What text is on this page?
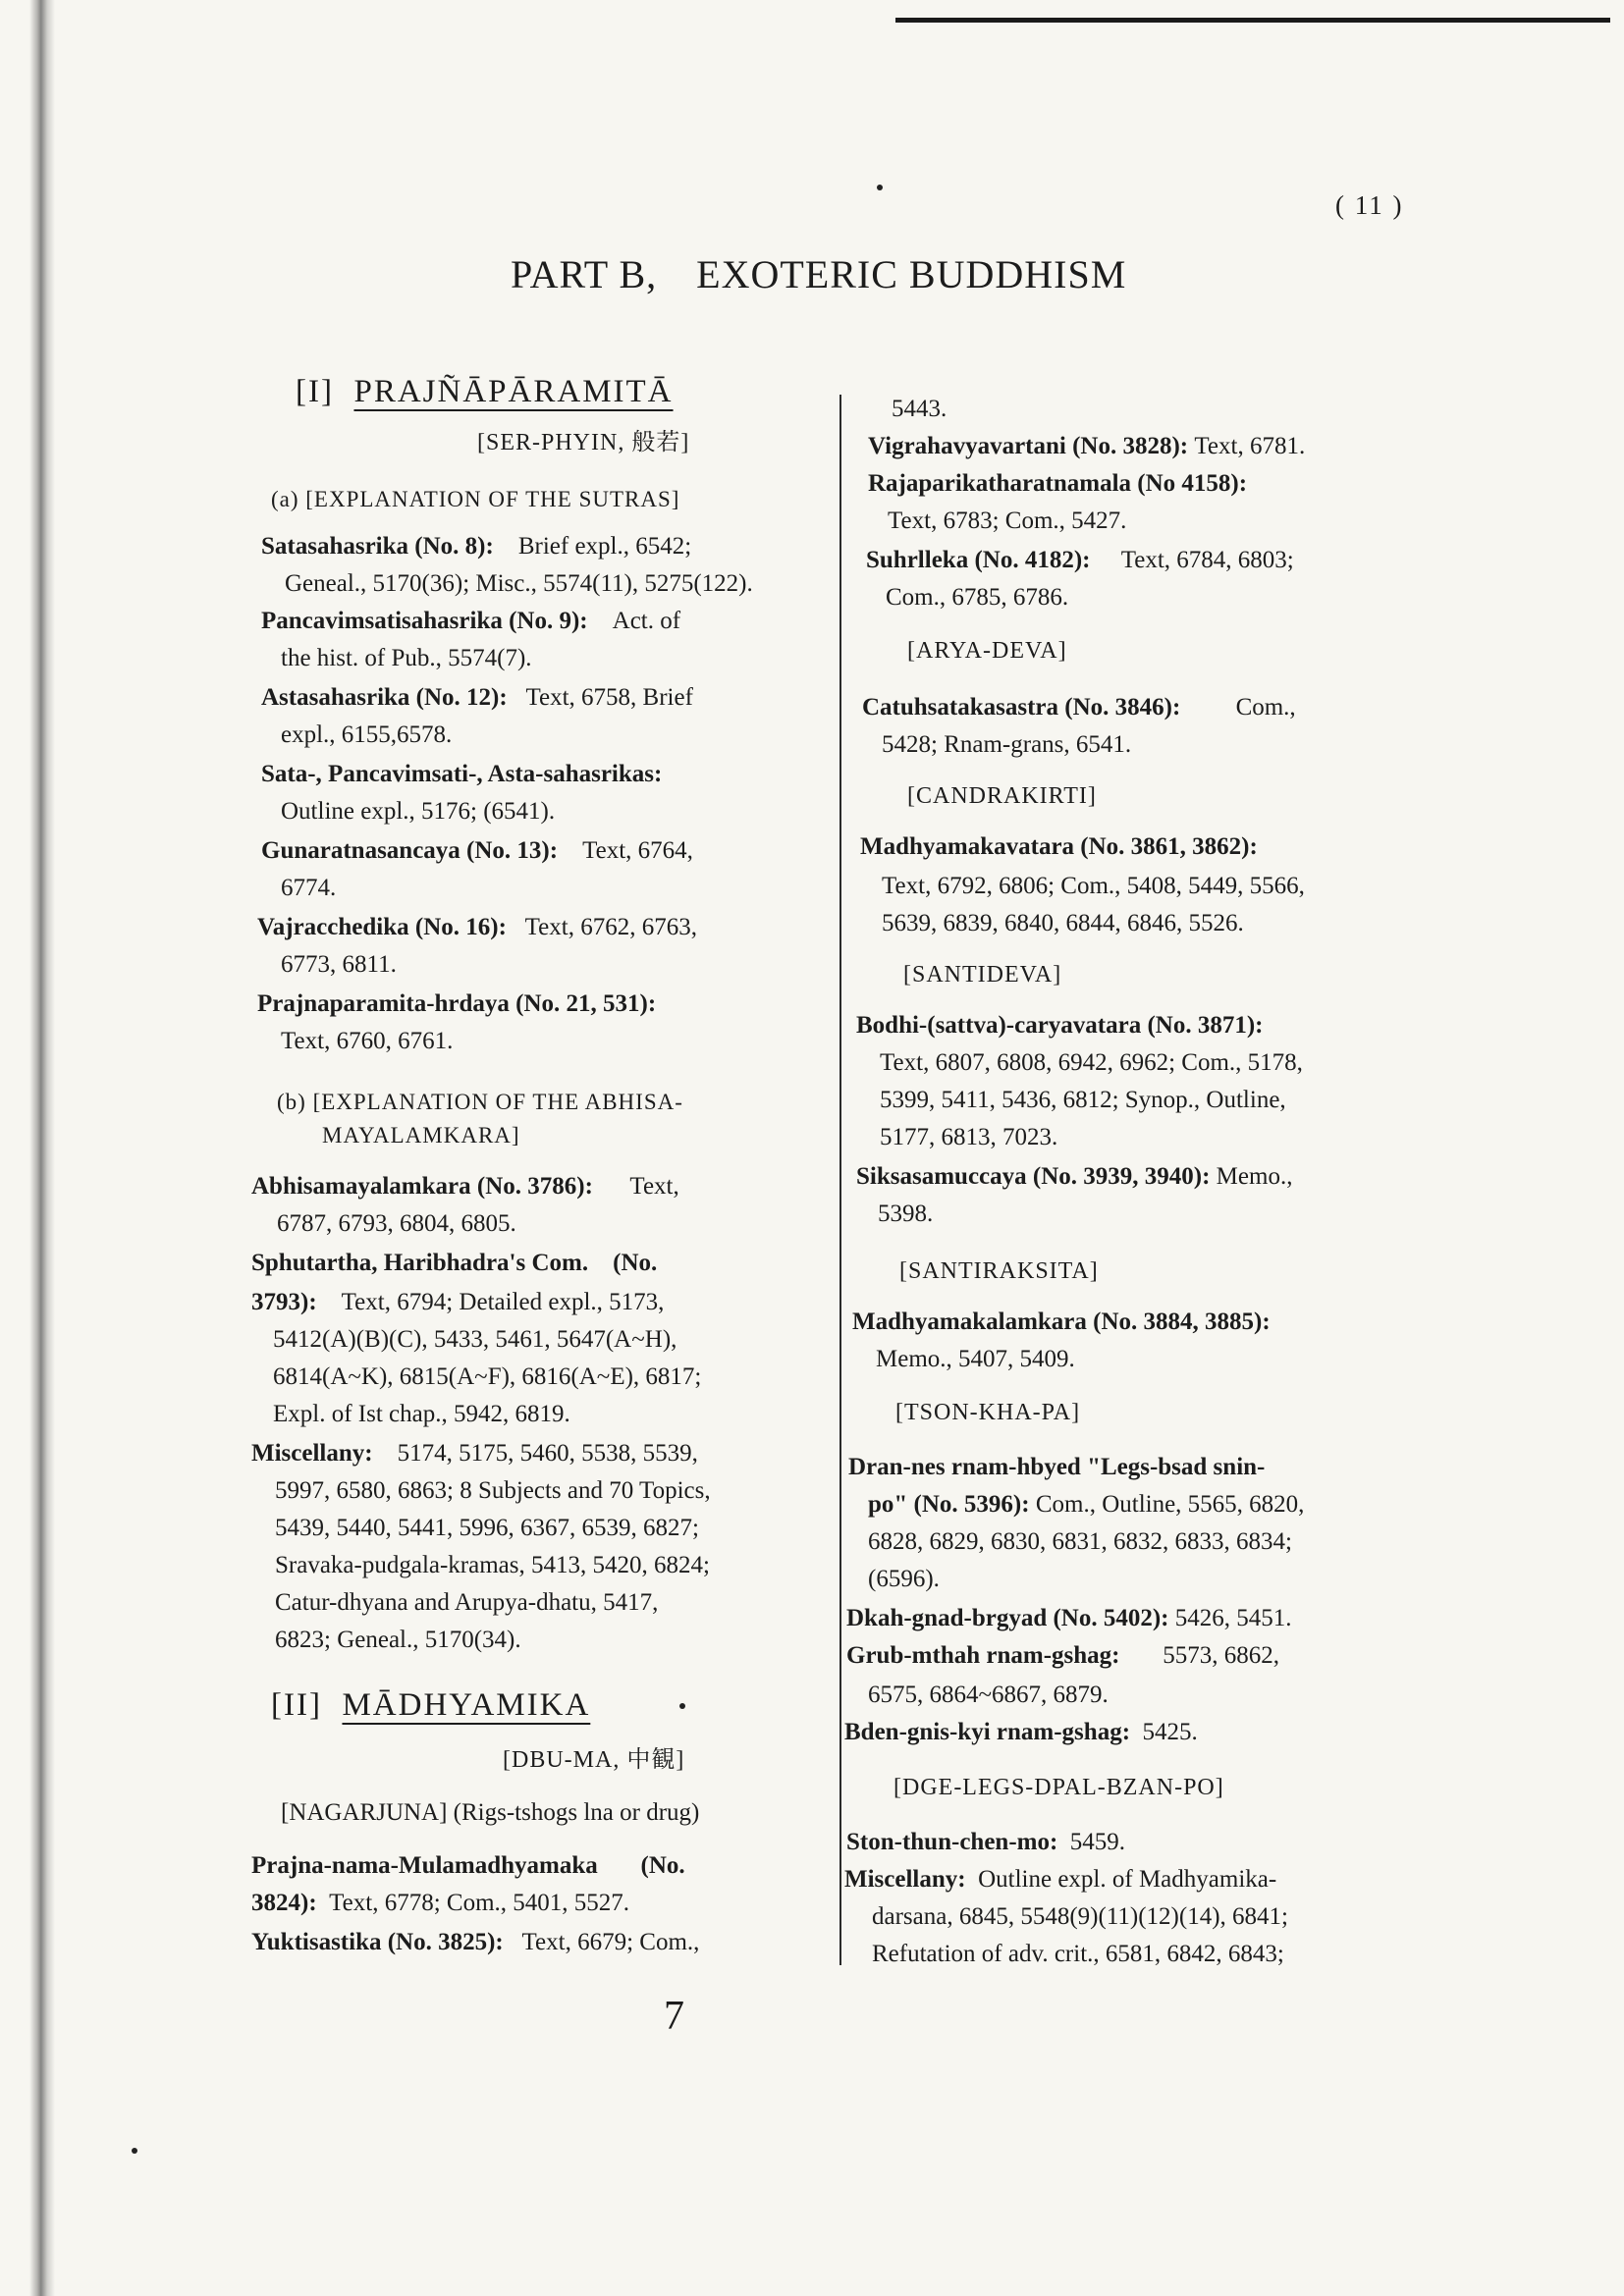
( 11 )
PART B, EXOTERIC BUDDHISM
[I] PRAJÑĀPĀRAMITĀ
[SER-PHYIN, 般若]
(a) [EXPLANATION OF THE SUTRAS]
Satasahasrika (No. 8): Brief expl., 6542;
Geneal., 5170(36); Misc., 5574(11), 5275(122).
Pancavimsatisahasrika (No. 9): Act. of
the hist. of Pub., 5574(7).
Astasahasrika (No. 12): Text, 6758, Brief
expl., 6155,6578.
Sata-, Pancavimsati-, Asta-sahasrikas:
Outline expl., 5176; (6541).
Gunaratnasancaya (No. 13): Text, 6764,
6774.
Vajracchedika (No. 16): Text, 6762, 6763,
6773, 6811.
Prajnaparamita-hrdaya (No. 21, 531):
Text, 6760, 6761.
(b) [EXPLANATION OF THE ABHISA-
MAYALAMKARA]
Abhisamayalamkara (No. 3786): Text,
6787, 6793, 6804, 6805.
Sphutartha, Haribhadra's Com. (No.
3793): Text, 6794; Detailed expl., 5173,
5412(A)(B)(C), 5433, 5461, 5647(A~H),
6814(A~K), 6815(A~F), 6816(A~E), 6817;
Expl. of Ist chap., 5942, 6819.
Miscellany: 5174, 5175, 5460, 5538, 5539,
5997, 6580, 6863; 8 Subjects and 70 Topics,
5439, 5440, 5441, 5996, 6367, 6539, 6827;
Sravaka-pudgala-kramas, 5413, 5420, 6824;
Catur-dhyana and Arupya-dhatu, 5417,
6823; Geneal., 5170(34).
[II] MĀDHYAMIKA
[DBU-MA, 中観]
[NAGARJUNA] (Rigs-tshogs lna or drug)
Prajna-nama-Mulamadhyamaka (No.
3824): Text, 6778; Com., 5401, 5527.
Yuktisastika (No. 3825): Text, 6679; Com.,
5443.
Vigrahavyavartani (No. 3828): Text, 6781.
Rajaparikatharatnamala (No 4158):
Text, 6783; Com., 5427.
Suhrlleka (No. 4182): Text, 6784, 6803;
Com., 6785, 6786.
[ARYA-DEVA]
Catuhsatakasastra (No. 3846): Com.,
5428; Rnam-grans, 6541.
[CANDRAKIRTI]
Madhyamakavatara (No. 3861, 3862):
Text, 6792, 6806; Com., 5408, 5449, 5566,
5639, 6839, 6840, 6844, 6846, 5526.
[SANTIDEVA]
Bodhi-(sattva)-caryavatara (No. 3871):
Text, 6807, 6808, 6942, 6962; Com., 5178,
5399, 5411, 5436, 6812; Synop., Outline,
5177, 6813, 7023.
Siksasamuccaya (No. 3939, 3940): Memo.,
5398.
[SANTIRAKSITA]
Madhyamakalamkara (No. 3884, 3885):
Memo., 5407, 5409.
[TSON-KHA-PA]
Dran-nes rnam-hbyed "Legs-bsad snin-
po" (No. 5396): Com., Outline, 5565, 6820,
6828, 6829, 6830, 6831, 6832, 6833, 6834;
(6596).
Dkah-gnad-brgyad (No. 5402): 5426, 5451.
Grub-mthah rnam-gshag: 5573, 6862,
6575, 6864~6867, 6879.
Bden-gnis-kyi rnam-gshag: 5425.
[DGE-LEGS-DPAL-BZAN-PO]
Ston-thun-chen-mo: 5459.
Miscellany: Outline expl. of Madhyamika-
darsana, 6845, 5548(9)(11)(12)(14), 6841;
Refutation of adv. crit., 6581, 6842, 6843;
7
